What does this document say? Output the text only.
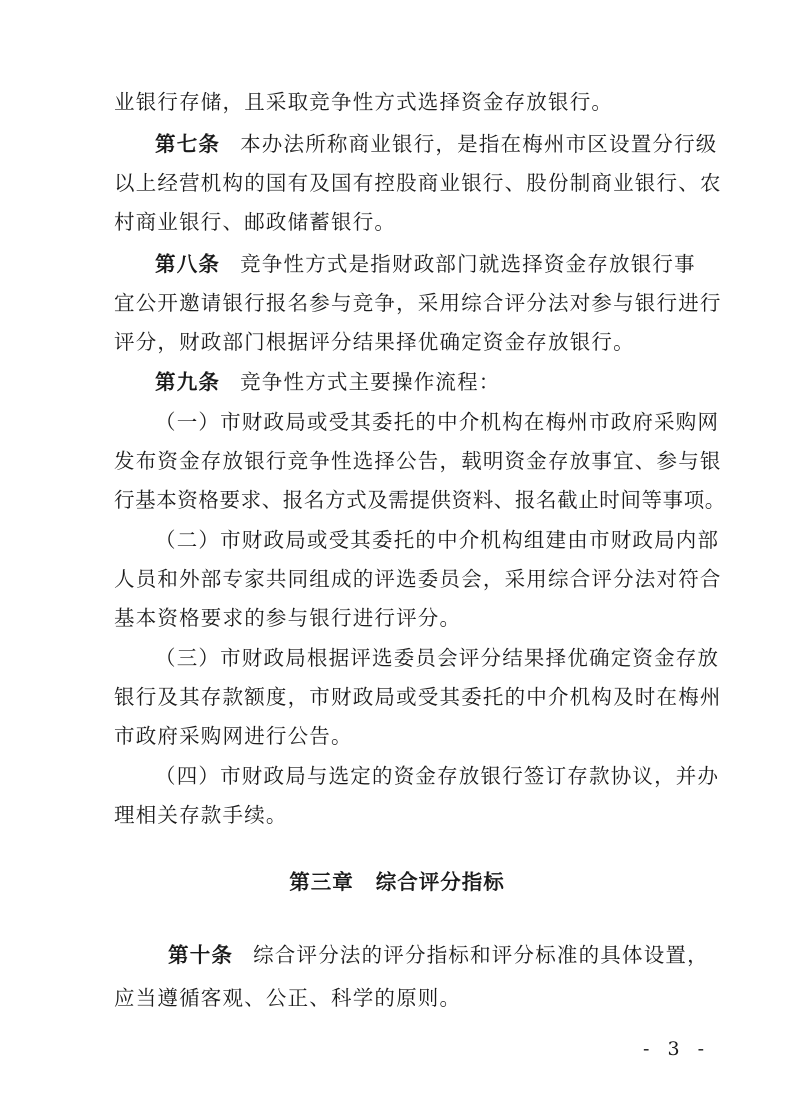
业银行存储，且采取竞争性方式选择资金存放银行。
第七条 本办法所称商业银行，是指在梅州市区设置分行级
以上经营机构的国有及国有控股商业银行、股份制商业银行、农
村商业银行、邮政储蓄银行。
第八条 竞争性方式是指财政部门就选择资金存放银行事
宜公开邀请银行报名参与竞争，采用综合评分法对参与银行进行
评分，财政部门根据评分结果择优确定资金存放银行。
第九条 竞争性方式主要操作流程：
（一）市财政局或受其委托的中介机构在梅州市政府采购网
发布资金存放银行竞争性选择公告，载明资金存放事宜、参与银
行基本资格要求、报名方式及需提供资料、报名截止时间等事项。
（二）市财政局或受其委托的中介机构组建由市财政局内部
人员和外部专家共同组成的评选委员会，采用综合评分法对符合
基本资格要求的参与银行进行评分。
（三）市财政局根据评选委员会评分结果择优确定资金存放
银行及其存款额度，市财政局或受其委托的中介机构及时在梅州
市政府采购网进行公告。
（四）市财政局与选定的资金存放银行签订存款协议，并办
理相关存款手续。
第三章 综合评分指标
第十条 综合评分法的评分指标和评分标准的具体设置，
应当遵循客观、公正、科学的原则。
- 3 -
